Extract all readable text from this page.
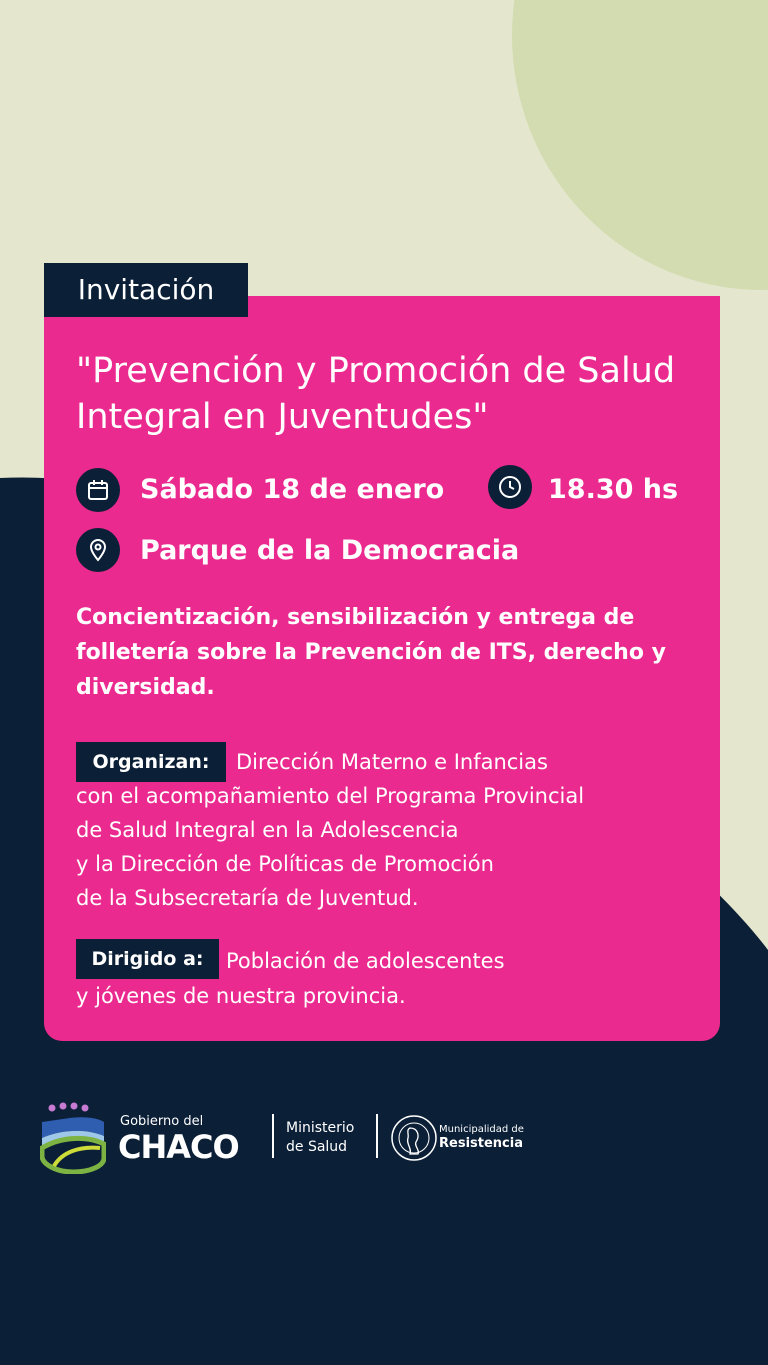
Invitación
"Prevención y Promoción de Salud
Integral en Juventudes"
Sábado 18 de enero	18.30 hs
Parque de la Democracia
Concientización, sensibilización y entrega de folletería sobre la Prevención de ITS, derecho y diversidad.
Organizan:	Dirección Materno e Infancias
con el acompañamiento del Programa Provincial
de Salud Integral en la Adolescencia
y la Dirección de Políticas de Promoción
de la Subsecretaría de Juventud.
Dirigido a:	Población de adolescentes
y jóvenes de nuestra provincia.
Gobierno del
CHACO	Ministerio
de Salud
Municipalidad de
Resistencia
